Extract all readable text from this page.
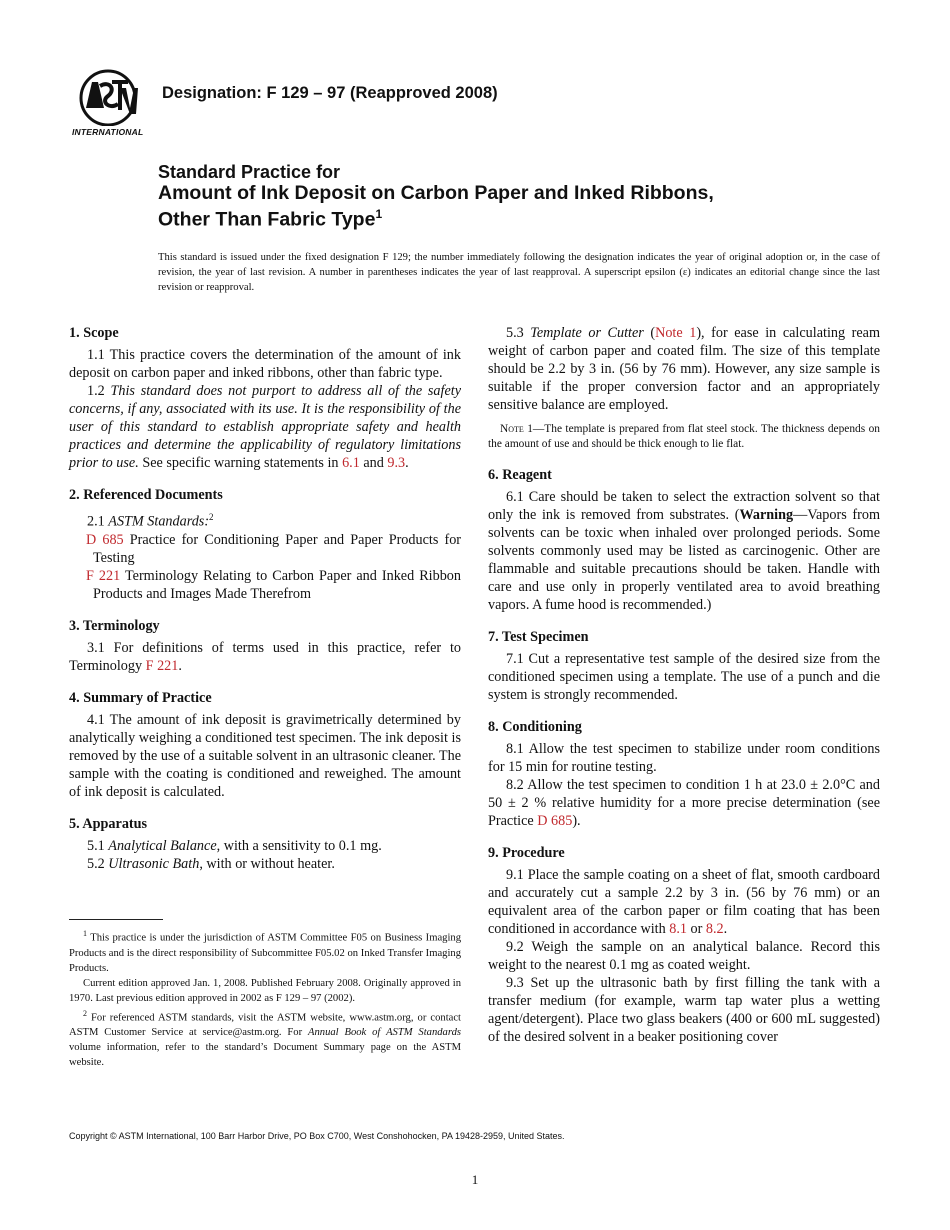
INTERNATIONAL
Designation: F 129 – 97 (Reapproved 2008)
Standard Practice for
Amount of Ink Deposit on Carbon Paper and Inked Ribbons,
Other Than Fabric Type$^1$
This standard is issued under the fixed designation F 129; the number immediately following the designation indicates the year of original adoption or, in the case of revision, the year of last revision. A number in parentheses indicates the year of last reapproval. A superscript epsilon (ε) indicates an editorial change since the last revision or reapproval.
1. Scope

1.1 This practice covers the determination of the amount of ink deposit on carbon paper and inked ribbons, other than fabric type.

1.2 This standard does not purport to address all of the safety concerns, if any, associated with its use. It is the responsibility of the user of this standard to establish appropriate safety and health practices and determine the applicability of regulatory limitations prior to use. See specific warning statements in 6.1 and 9.3.

2. Referenced Documents

2.1 ASTM Standards:$^2$

D 685 Practice for Conditioning Paper and Paper Products for Testing
F 221 Terminology Relating to Carbon Paper and Inked Ribbon Products and Images Made Therefrom
3. Terminology

3.1 For definitions of terms used in this practice, refer to Terminology F 221.

4. Summary of Practice

4.1 The amount of ink deposit is gravimetrically determined by analytically weighing a conditioned test specimen. The ink deposit is removed by the use of a suitable solvent in an ultrasonic cleaner. The sample with the coating is conditioned and reweighed. The amount of ink deposit is calculated.

5. Apparatus

5.1 Analytical Balance, with a sensitivity to 0.1 mg.

5.2 Ultrasonic Bath, with or without heater.

$^1$ This practice is under the jurisdiction of ASTM Committee F05 on Business Imaging Products and is the direct responsibility of Subcommittee F05.02 on Inked Transfer Imaging Products.

Current edition approved Jan. 1, 2008. Published February 2008. Originally approved in 1970. Last previous edition approved in 2002 as F 129 – 97 (2002).

$^2$ For referenced ASTM standards, visit the ASTM website, www.astm.org, or contact ASTM Customer Service at service@astm.org. For Annual Book of ASTM Standards volume information, refer to the standard’s Document Summary page on the ASTM website.

5.3 Template or Cutter (Note 1), for ease in calculating ream weight of carbon paper and coated film. The size of this template should be 2.2 by 3 in. (56 by 76 mm). However, any size sample is suitable if the proper conversion factor and an appropriately sensitive balance are employed.

Note 1—The template is prepared from flat steel stock. The thickness depends on the amount of use and should be thick enough to lie flat.

6. Reagent

6.1 Care should be taken to select the extraction solvent so that only the ink is removed from substrates. (Warning—Vapors from solvents can be toxic when inhaled over prolonged periods. Some solvents commonly used may be listed as carcinogenic. Other are flammable and suitable precautions should be taken. Handle with care and use only in properly ventilated area to avoid breathing vapors. A fume hood is recommended.)

7. Test Specimen

7.1 Cut a representative test sample of the desired size from the conditioned specimen using a template. The use of a punch and die system is strongly recommended.

8. Conditioning

8.1 Allow the test specimen to stabilize under room conditions for 15 min for routine testing.

8.2 Allow the test specimen to condition 1 h at 23.0 ± 2.0°C and 50 ± 2 % relative humidity for a more precise determination (see Practice D 685).

9. Procedure

9.1 Place the sample coating on a sheet of flat, smooth cardboard and accurately cut a sample 2.2 by 3 in. (56 by 76 mm) or an equivalent area of the carbon paper or film coating that has been conditioned in accordance with 8.1 or 8.2.

9.2 Weigh the sample on an analytical balance. Record this weight to the nearest 0.1 mg as coated weight.

9.3 Set up the ultrasonic bath by first filling the tank with a transfer medium (for example, warm tap water plus a wetting agent/detergent). Place two glass beakers (400 or 600 mL suggested) of the desired solvent in a beaker positioning cover

Copyright © ASTM International, 100 Barr Harbor Drive, PO Box C700, West Conshohocken, PA 19428-2959, United States.
1
